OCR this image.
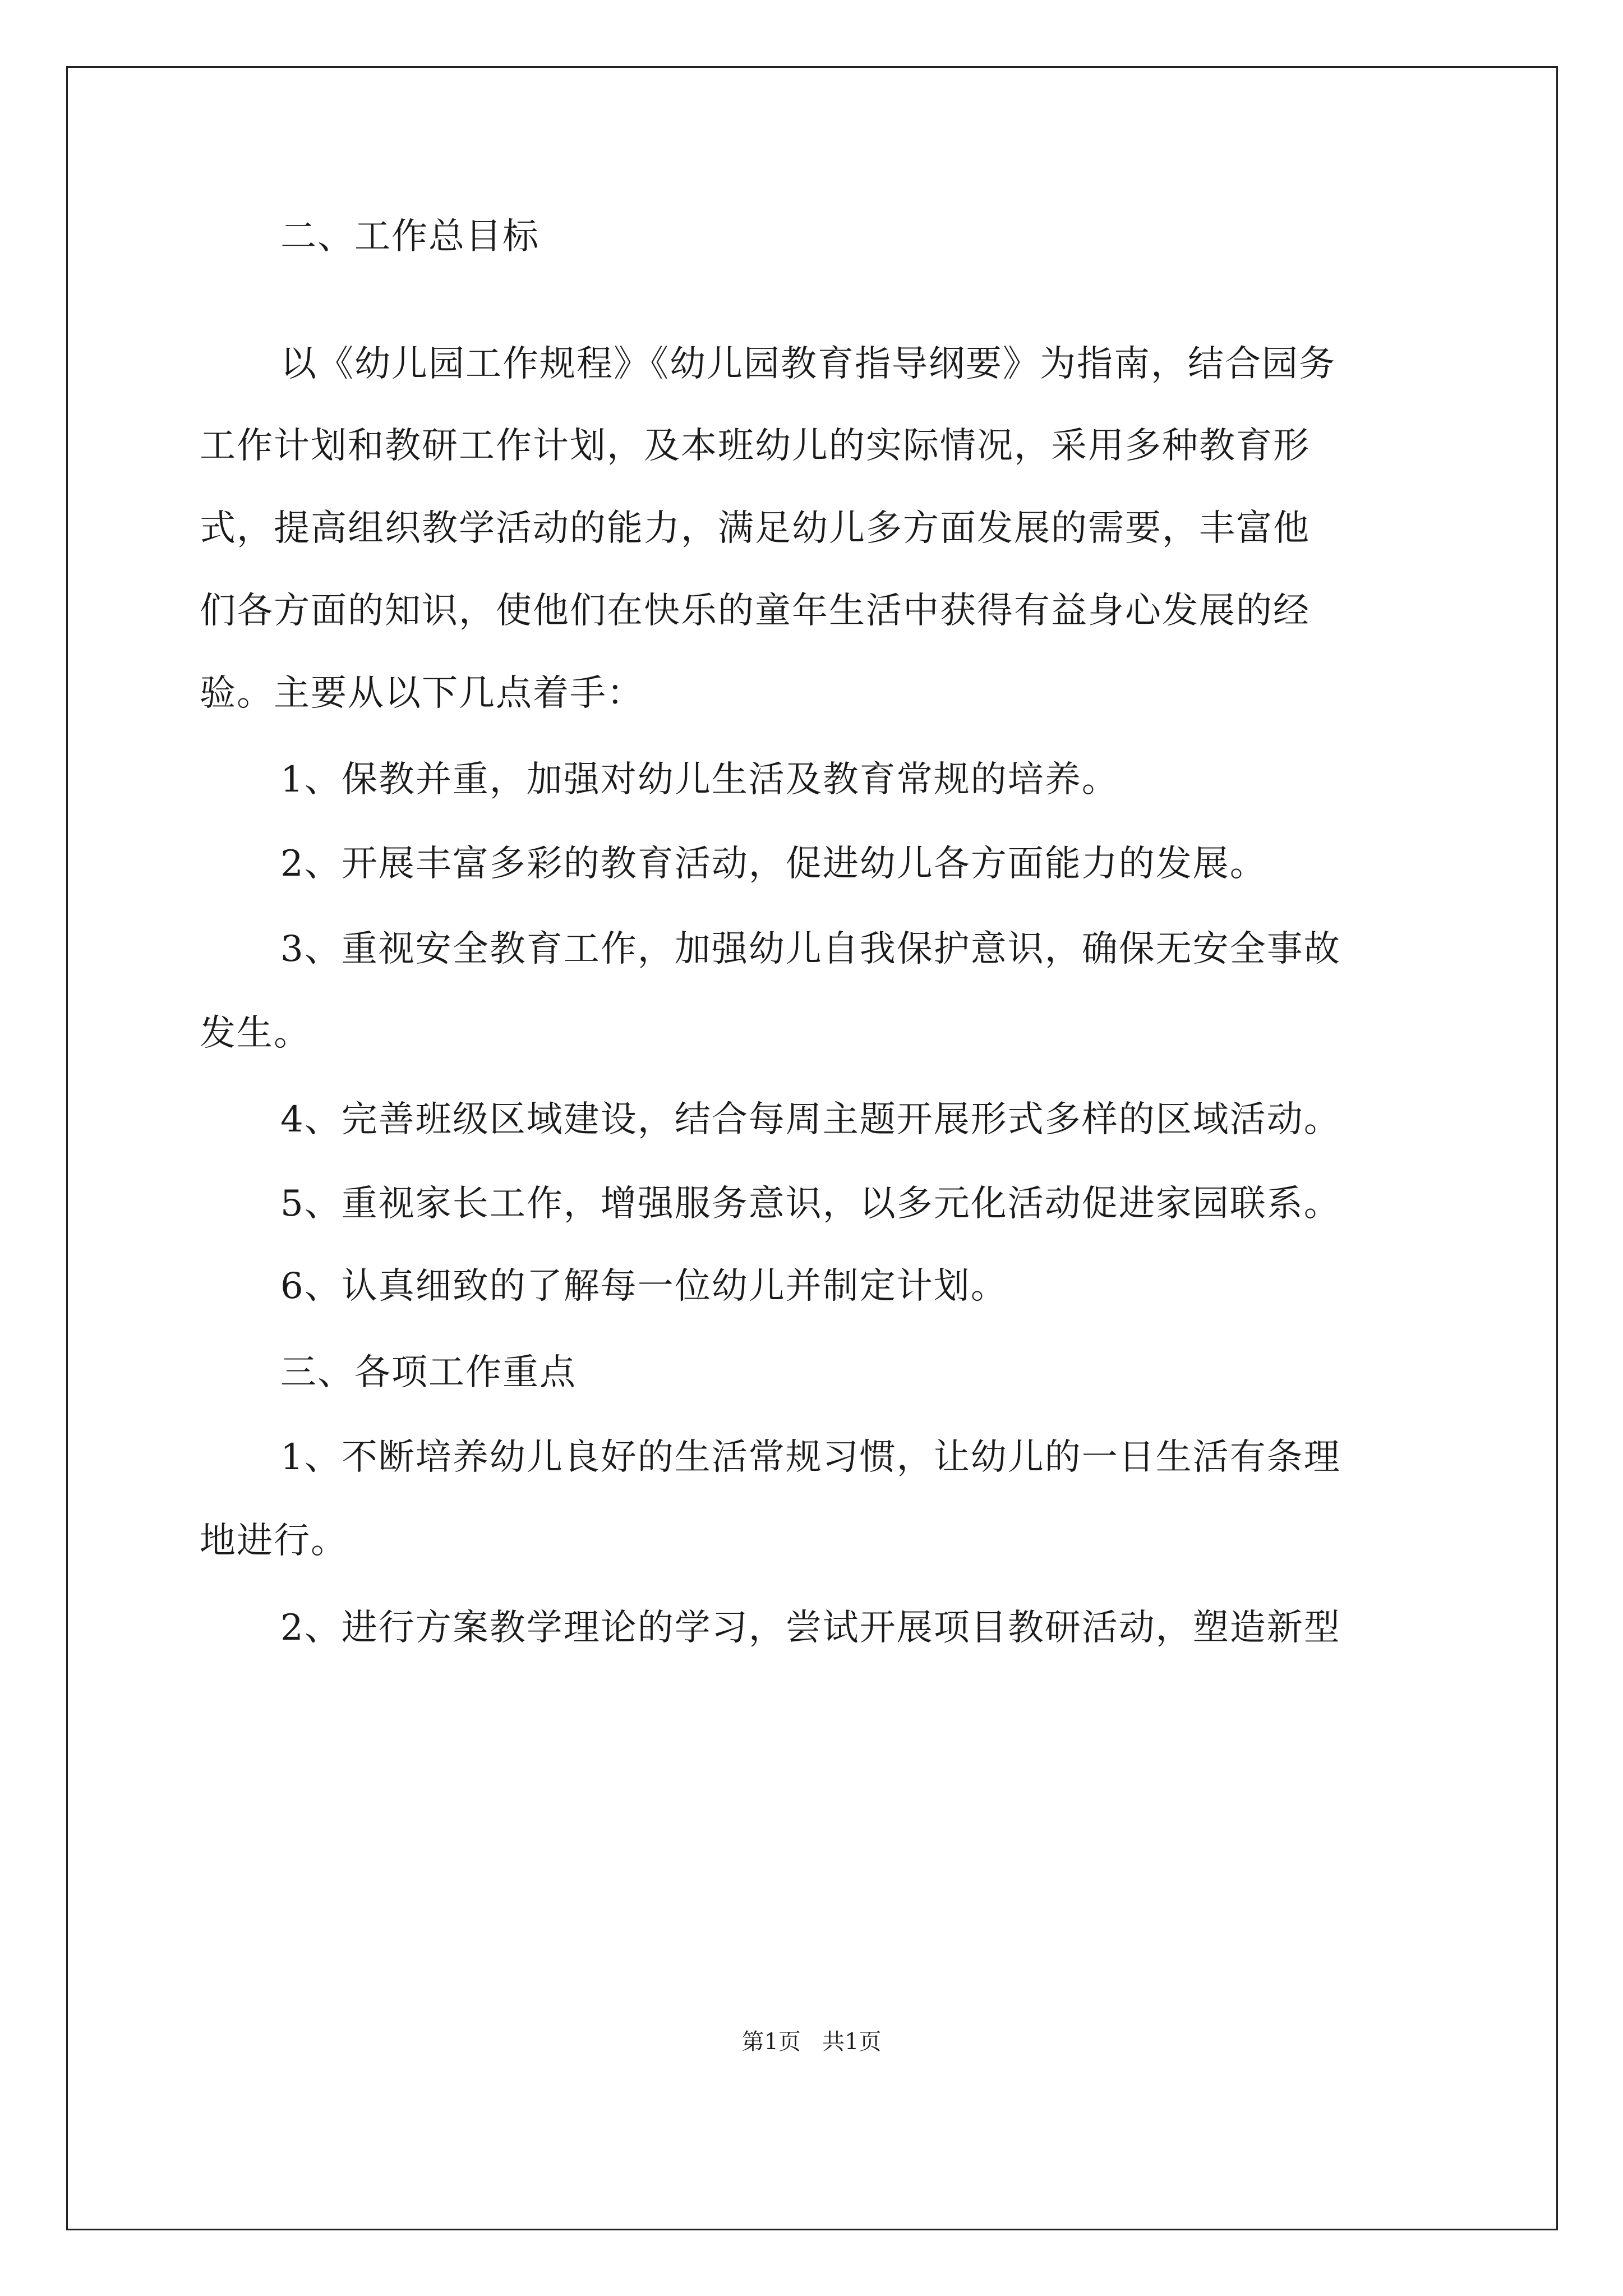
二、工作总目标
以《幼儿园工作规程》《幼儿园教育指导纲要》为指南，结合园务
工作计划和教研工作计划，及本班幼儿的实际情况，采用多种教育形
式，提高组织教学活动的能力，满足幼儿多方面发展的需要，丰富他
们各方面的知识，使他们在快乐的童年生活中获得有益身心发展的经
验。主要从以下几点着手：
1、保教并重，加强对幼儿生活及教育常规的培养。
2、开展丰富多彩的教育活动，促进幼儿各方面能力的发展。
3、重视安全教育工作，加强幼儿自我保护意识，确保无安全事故
发生。
4、完善班级区域建设，结合每周主题开展形式多样的区域活动。
5、重视家长工作，增强服务意识，以多元化活动促进家园联系。
6、认真细致的了解每一位幼儿并制定计划。
三、各项工作重点
1、不断培养幼儿良好的生活常规习惯，让幼儿的一日生活有条理
地进行。
2、进行方案教学理论的学习，尝试开展项目教研活动，塑造新型
第1页   共1页
